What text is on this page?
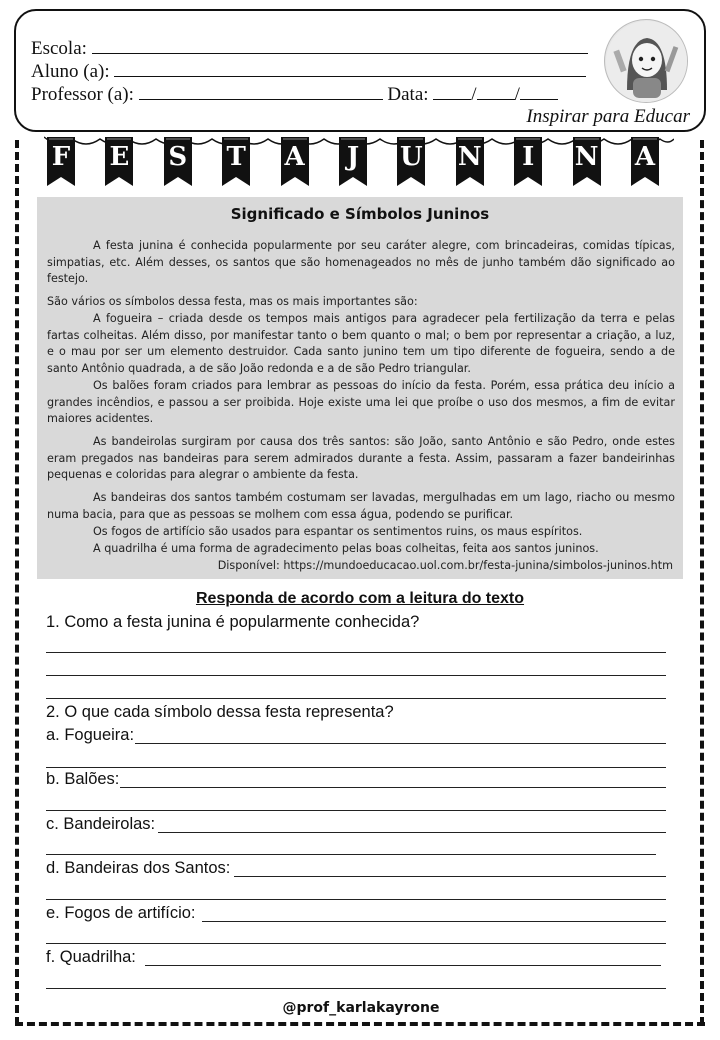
Escola:
Aluno (a):
Professor (a):	Data: / /
Inspirar para Educar
F E S T A	J	U N	I	N A
Significado e Símbolos Juninos
A festa junina é conhecida popularmente por seu caráter alegre, com brincadeiras, comidas típicas, simpatias, etc. Além desses, os santos que são homenageados no mês de junho também dão significado ao festejo.
São vários os símbolos dessa festa, mas os mais importantes são:
A fogueira – criada desde os tempos mais antigos para agradecer pela fertilização da terra e pelas fartas colheitas. Além disso, por manifestar tanto o bem quanto o mal; o bem por representar a criação, a luz, e o mau por ser um elemento destruidor. Cada santo junino tem um tipo diferente de fogueira, sendo a de santo Antônio quadrada, a de são João redonda e a de são Pedro triangular.
Os balões foram criados para lembrar as pessoas do início da festa. Porém, essa prática deu início a grandes incêndios, e passou a ser proibida. Hoje existe uma lei que proíbe o uso dos mesmos, a fim de evitar maiores acidentes.
As bandeirolas surgiram por causa dos três santos: são João, santo Antônio e são Pedro, onde estes eram pregados nas bandeiras para serem admirados durante a festa. Assim, passaram a fazer bandeirinhas pequenas e coloridas para alegrar o ambiente da festa.
As bandeiras dos santos também costumam ser lavadas, mergulhadas em um lago, riacho ou mesmo numa bacia, para que as pessoas se molhem com essa água, podendo se purificar.
Os fogos de artifício são usados para espantar os sentimentos ruins, os maus espíritos.
A quadrilha é uma forma de agradecimento pelas boas colheitas, feita aos santos juninos.
Disponível: https://mundoeducacao.uol.com.br/festa-junina/simbolos-juninos.htm
Responda de acordo com a leitura do texto
1. Como a festa junina é popularmente conhecida?
2. O que cada símbolo dessa festa representa?
a. Fogueira:
b. Balões:
c. Bandeirolas:
d. Bandeiras dos Santos:
e. Fogos de artifício:
f. Quadrilha:
@prof_karlakayrone
